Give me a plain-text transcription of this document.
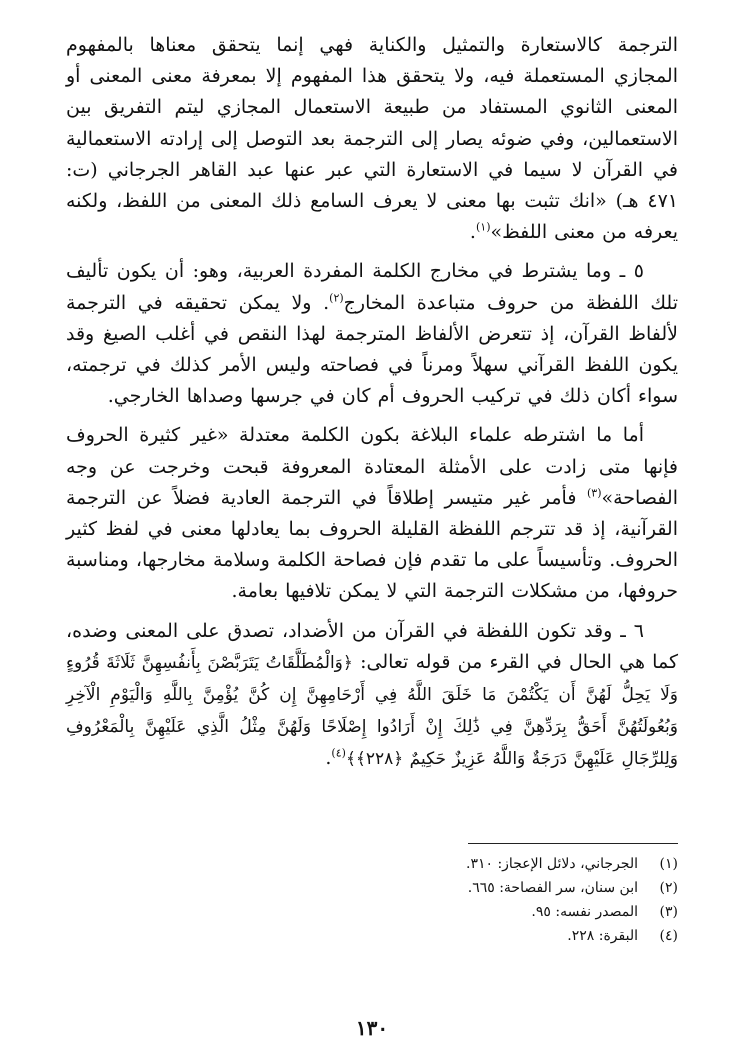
الترجمة كالاستعارة والتمثيل والكناية فهي إنما يتحقق معناها بالمفهوم المجازي المستعملة فيه، ولا يتحقق هذا المفهوم إلا بمعرفة معنى المعنى أو المعنى الثانوي المستفاد من طبيعة الاستعمال المجازي ليتم التفريق بين الاستعمالين، وفي ضوئه يصار إلى الترجمة بعد التوصل إلى إرادته الاستعمالية في القرآن لا سيما في الاستعارة التي عبر عنها عبد القاهر الجرجاني (ت: ٤٧١ هـ) «انك تثبت بها معنى لا يعرف السامع ذلك المعنى من اللفظ، ولكنه يعرفه من معنى اللفظ»$^{(١)}$.

٥ ـ وما يشترط في مخارج الكلمة المفردة العربية، وهو: أن يكون تأليف تلك اللفظة من حروف متباعدة المخارج$^{(٢)}$. ولا يمكن تحقيقه في الترجمة لألفاظ القرآن، إذ تتعرض الألفاظ المترجمة لهذا النقص في أغلب الصيغ وقد يكون اللفظ القرآني سهلاً ومرناً في فصاحته وليس الأمر كذلك في ترجمته، سواء أكان ذلك في تركيب الحروف أم كان في جرسها وصداها الخارجي.

أما ما اشترطه علماء البلاغة بكون الكلمة معتدلة «غير كثيرة الحروف فإنها متى زادت على الأمثلة المعتادة المعروفة قبحت وخرجت عن وجه الفصاحة»$^{(٣)}$ فأمر غير متيسر إطلاقاً في الترجمة العادية فضلاً عن الترجمة القرآنية، إذ قد تترجم اللفظة القليلة الحروف بما يعادلها معنى في لفظ كثير الحروف. وتأسيساً على ما تقدم فإن فصاحة الكلمة وسلامة مخارجها، ومناسبة حروفها، من مشكلات الترجمة التي لا يمكن تلافيها بعامة.

٦ ـ وقد تكون اللفظة في القرآن من الأضداد، تصدق على المعنى وضده، كما هي الحال في القرء من قوله تعالى: ﴿وَالْمُطَلَّقَاتُ يَتَرَبَّصْنَ بِأَنفُسِهِنَّ ثَلَاثَةَ قُرُوءٍ وَلَا يَحِلُّ لَهُنَّ أَن يَكْتُمْنَ مَا خَلَقَ اللَّهُ فِي أَرْحَامِهِنَّ إِن كُنَّ يُؤْمِنَّ بِاللَّهِ وَالْيَوْمِ الْآخِرِ وَبُعُولَتُهُنَّ أَحَقُّ بِرَدِّهِنَّ فِي ذَٰلِكَ إِنْ أَرَادُوا إِصْلَاحًا وَلَهُنَّ مِثْلُ الَّذِي عَلَيْهِنَّ بِالْمَعْرُوفِ وَلِلرِّجَالِ عَلَيْهِنَّ دَرَجَةٌ وَاللَّهُ عَزِيزٌ حَكِيمٌ ﴿٢٢٨﴾﴾$^{(٤)}$.

(١)الجرجاني، دلائل الإعجاز: ٣١٠.

(٢)ابن سنان، سر الفصاحة: ٦٦٥.

(٣)المصدر نفسه: ٩٥.

(٤)البقرة: ٢٢٨.

١٣٠
